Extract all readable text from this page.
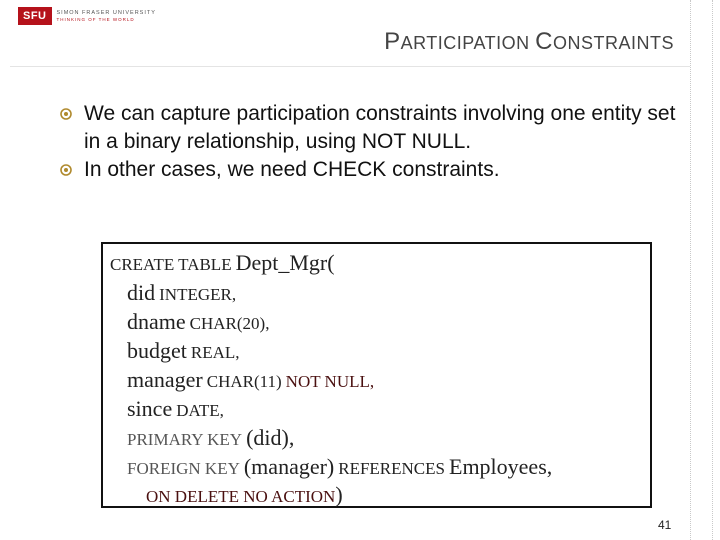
SFU	SIMON FRASER UNIVERSITY
THINKING OF THE WORLD
PARTICIPATION CONSTRAINTS
We can capture participation constraints involving one entity set in a binary relationship, using NOT NULL.
In other cases, we need CHECK constraints.
CREATE TABLE Dept_Mgr(
did INTEGER,
dname CHAR(20),
budget REAL,
manager CHAR(11) NOT NULL,
since DATE,
PRIMARY KEY (did),
FOREIGN KEY (manager) REFERENCES Employees,
ON DELETE NO ACTION)
41
